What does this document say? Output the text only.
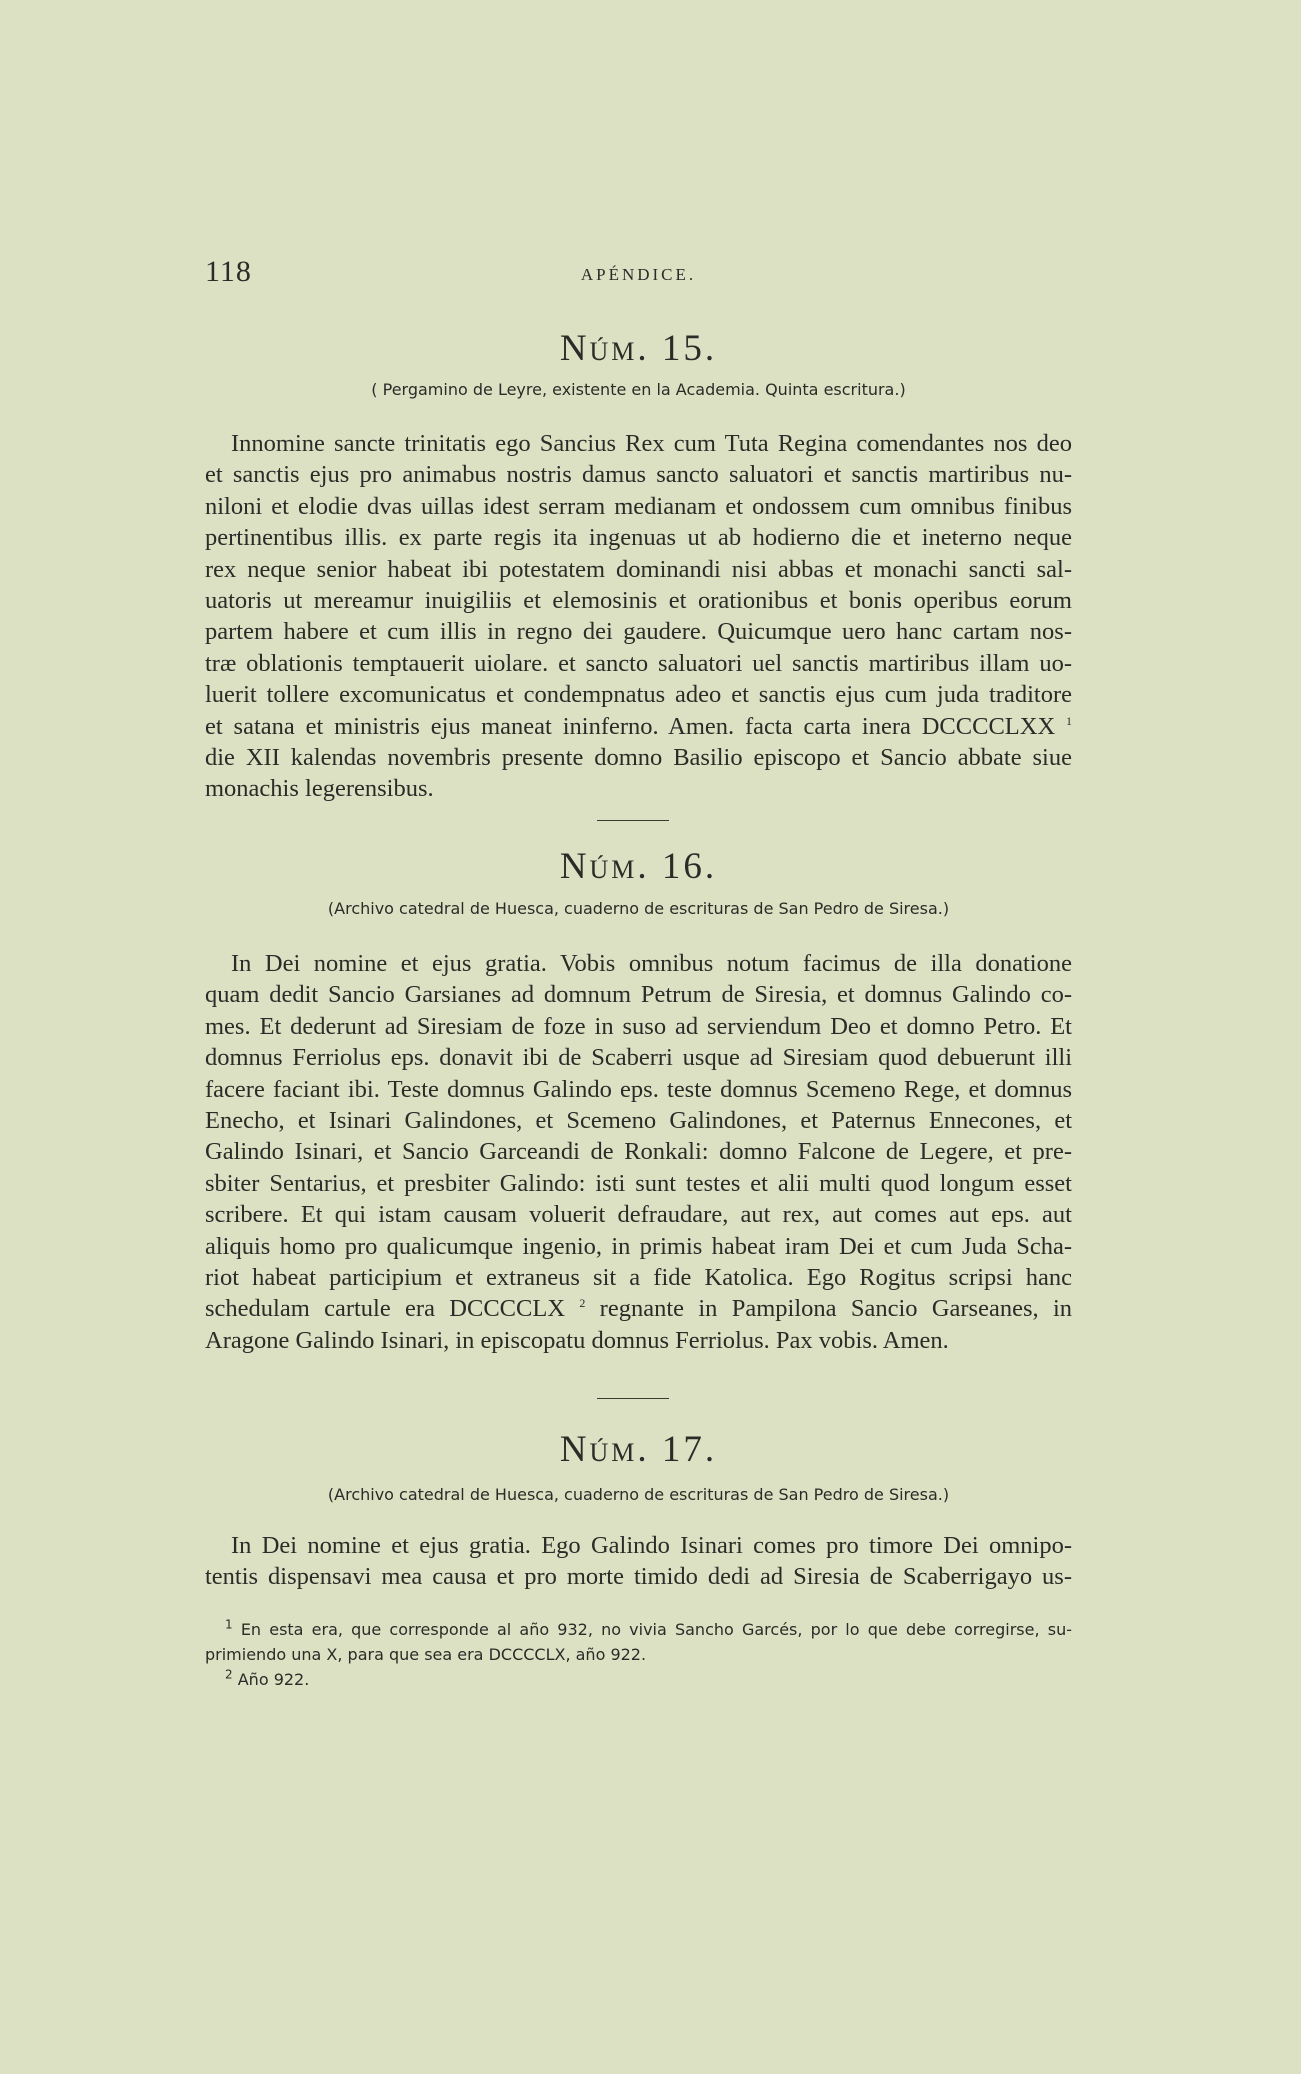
118	APÉNDICE.
Núm. 15.
( Pergamino de Leyre, existente en la Academia. Quinta escritura.)
Innomine sancte trinitatis ego Sancius Rex cum Tuta Regina comendantes nos deo
et sanctis ejus pro animabus nostris damus sancto saluatori et sanctis martiribus nu-
niloni et elodie dvas uillas idest serram medianam et ondossem cum omnibus finibus
pertinentibus illis. ex parte regis ita ingenuas ut ab hodierno die et ineterno neque
rex neque senior habeat ibi potestatem dominandi nisi abbas et monachi sancti sal-
uatoris ut mereamur inuigiliis et elemosinis et orationibus et bonis operibus eorum
partem habere et cum illis in regno dei gaudere. Quicumque uero hanc cartam nos-
træ oblationis temptauerit uiolare. et sancto saluatori uel sanctis martiribus illam uo-
luerit tollere excomunicatus et condempnatus adeo et sanctis ejus cum juda traditore
et satana et ministris ejus maneat ininferno. Amen. facta carta inera DCCCCLXX $^1$
die XII kalendas novembris presente domno Basilio episcopo et Sancio abbate siue
monachis legerensibus.
Núm. 16.
(Archivo catedral de Huesca, cuaderno de escrituras de San Pedro de Siresa.)
In Dei nomine et ejus gratia. Vobis omnibus notum facimus de illa donatione
quam dedit Sancio Garsianes ad domnum Petrum de Siresia, et domnus Galindo co-
mes. Et dederunt ad Siresiam de foze in suso ad serviendum Deo et domno Petro. Et
domnus Ferriolus eps. donavit ibi de Scaberri usque ad Siresiam quod debuerunt illi
facere faciant ibi. Teste domnus Galindo eps. teste domnus Scemeno Rege, et domnus
Enecho, et Isinari Galindones, et Scemeno Galindones, et Paternus Ennecones, et
Galindo Isinari, et Sancio Garceandi de Ronkali: domno Falcone de Legere, et pre-
sbiter Sentarius, et presbiter Galindo: isti sunt testes et alii multi quod longum esset
scribere. Et qui istam causam voluerit defraudare, aut rex, aut comes aut eps. aut
aliquis homo pro qualicumque ingenio, in primis habeat iram Dei et cum Juda Scha-
riot habeat participium et extraneus sit a fide Katolica. Ego Rogitus scripsi hanc
schedulam cartule era DCCCCLX $^2$ regnante in Pampilona Sancio Garseanes, in
Aragone Galindo Isinari, in episcopatu domnus Ferriolus. Pax vobis. Amen.
Núm. 17.
(Archivo catedral de Huesca, cuaderno de escrituras de San Pedro de Siresa.)
In Dei nomine et ejus gratia. Ego Galindo Isinari comes pro timore Dei omnipo-
tentis dispensavi mea causa et pro morte timido dedi ad Siresia de Scaberrigayo us-
$^1$ En esta era, que corresponde al año 932, no vivia Sancho Garcés, por lo que debe corregirse, su-
primiendo una X, para que sea era DCCCCLX, año 922.
$^2$ Año 922.
